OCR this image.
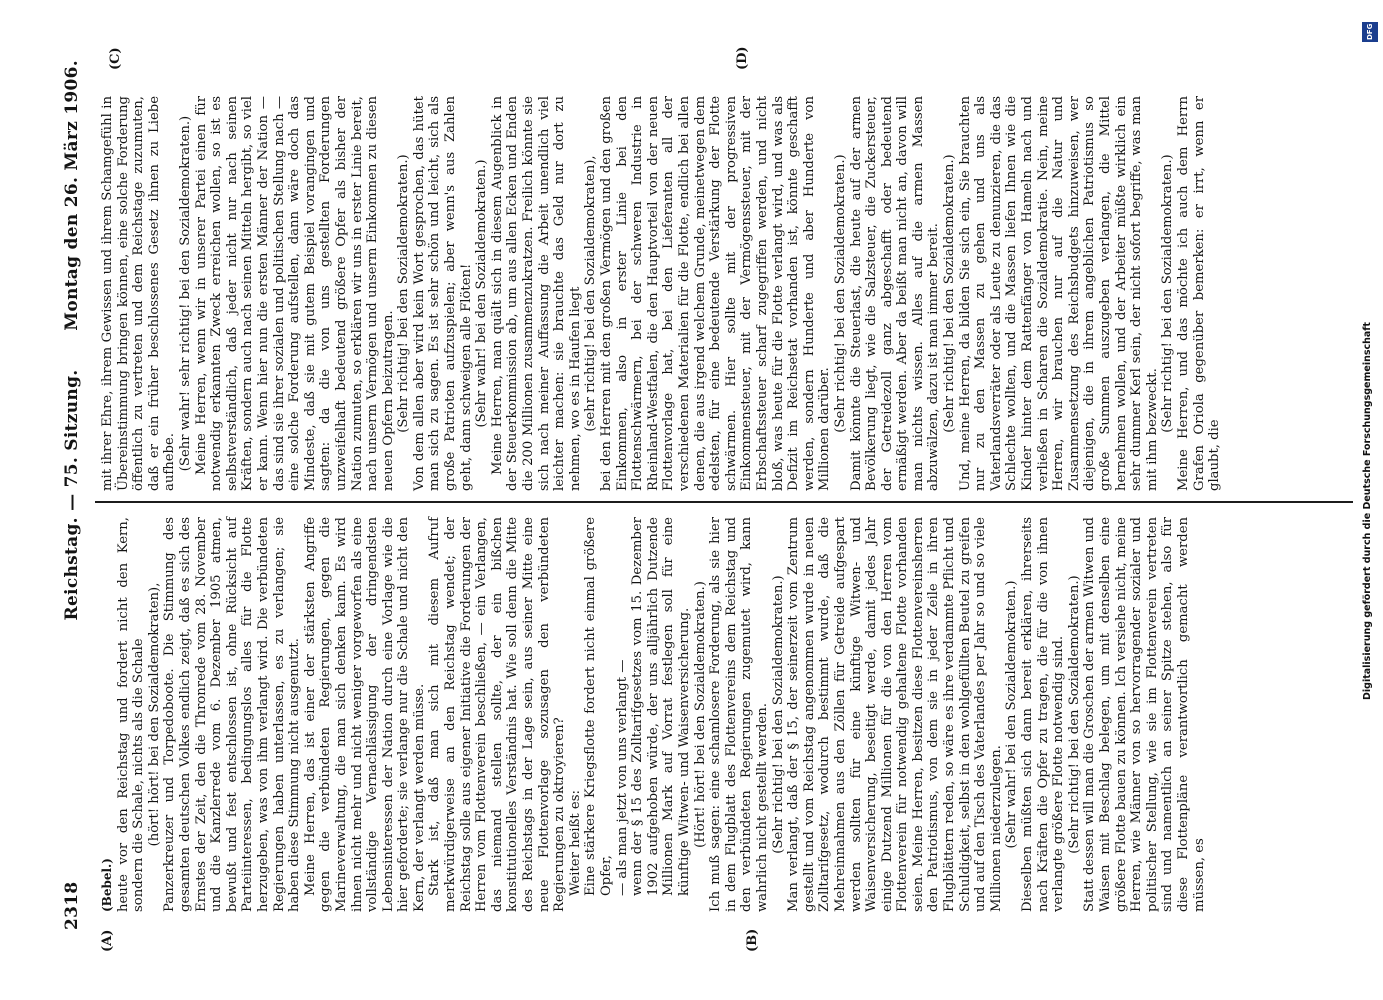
2318
Reichstag. — 75. Sitzung.
Montag den 26. März 1906.
(A)	(B)
(C)	(D)

(Bebel.) heute vor den Reichstag und fordert nicht den Kern, sondern die Schale, nichts als die Schale (hört! hört! bei den Sozialdemokraten), Panzerkreuzer und Torpedoboote. Die Stimmung des gesamten deutschen Volkes endlich zeigt, daß es sich des Ernstes der Zeit, den die Thronrede vom 28. November und die Kanzlerrede vom 6. Dezember 1905 atmen, bewußt und fest entschlossen ist, ohne Rücksicht auf Parteiinteressen, bedingungslos alles für die Flotte herzugeben, was von ihm verlangt wird. Die verbündeten Regierungen haben unterlassen, es zu verlangen; sie haben diese Stimmung nicht ausgenutzt. Meine Herren, das ist einer der stärksten Angriffe gegen die verbündeten Regierungen, gegen die Marineverwaltung, die man sich denken kann. Es wird ihnen nicht mehr und nicht weniger vorgeworfen als eine vollständige Vernachlässigung der dringendsten Lebensinteressen der Nation durch eine Vorlage wie die hier geforderte; sie verlange nur die Schale und nicht den Kern, der verlangt werden müsse. Stark ist, daß man sich mit diesem Aufruf merkwürdigerweise an den Reichstag wendet; der Reichstag solle aus eigener Initiative die Forderungen der Herren vom Flottenverein beschließen, — ein Verlangen, das niemand stellen sollte, der ein bißchen konstitutionelles Verständnis hat. Wie soll denn die Mitte des Reichstags in der Lage sein, aus seiner Mitte eine neue Flottenvorlage sozusagen den verbündeten Regierungen zu oktroyieren? Weiter heißt es: Eine stärkere Kriegsflotte fordert nicht einmal größere Opfer, — als man jetzt von uns verlangt — wenn der § 15 des Zolltarifgesetzes vom 15. Dezember 1902 aufgehoben würde, der uns alljährlich Dutzende Millionen Mark auf Vorrat festlegen soll für eine künftige Witwen- und Waisenversicherung. (Hört! hört! bei den Sozialdemokraten.) Ich muß sagen: eine schamlosere Forderung, als sie hier in dem Flugblatt des Flottenvereins dem Reichstag und den verbündeten Regierungen zugemutet wird, kann wahrlich nicht gestellt werden. (Sehr richtig! bei den Sozialdemokraten.) Man verlangt, daß der § 15, der seinerzeit vom Zentrum gestellt und vom Reichstag angenommen wurde in neuen Zolltarifgesetz, wodurch bestimmt wurde, daß die Mehreinnahmen aus den Zöllen für Getreide aufgespart werden sollten für eine künftige Witwen- und Waisenversicherung, beseitigt werde, damit jedes Jahr einige Dutzend Millionen für die von den Herren vom Flottenverein für notwendig gehaltene Flotte vorhanden seien. Meine Herren, besitzen diese Flottenvereinsherren den Patriotismus, von dem sie in jeder Zeile in ihren Flugblättern reden, so wäre es ihre verdammte Pflicht und Schuldigkeit, selbst in den wohlgefüllten Beutel zu greifen und auf den Tisch des Vaterlandes per Jahr so und so viele Millionen niederzulegen. (Sehr wahr! bei den Sozialdemokraten.) Dieselben müßten sich dann bereit erklären, ihrerseits nach Kräften die Opfer zu tragen, die für die von ihnen verlangte größere Flotte notwendig sind. (Sehr richtig! bei den Sozialdemokraten.) Statt dessen will man die Groschen der armen Witwen und Waisen mit Beschlag belegen, um mit denselben eine größere Flotte bauen zu können. Ich versiehe nicht, meine Herren, wie Männer von so hervorragender sozialer und politischer Stellung, wie sie im Flottenverein vertreten sind und namentlich an seiner Spitze stehen, also für diese Flottenpläne verantwortlich gemacht werden müssen, es

mit ihrer Ehre, ihrem Gewissen und ihrem Schamgefühl in Übereinstimmung bringen können, eine solche Forderung öffentlich zu vertreten und dem Reichstage zuzumuten, daß er ein früher beschlossenes Gesetz ihnen zu Liebe aufhebe. (Sehr wahr! sehr richtig! bei den Sozialdemokraten.) Meine Herren, wenn wir in unserer Partei einen für notwendig erkannten Zweck erreichen wollen, so ist es selbstverständlich, daß jeder nicht nur nach seinen Kräften, sondern auch nach seinen Mitteln hergibt, so viel er kann. Wenn hier nun die ersten Männer der Nation — das sind sie ihrer sozialen und politischen Stellung nach — eine solche Forderung aufstellen, dann wäre doch das Mindeste, daß sie mit gutem Beispiel vorangingen und sagten: da die von uns gestellten Forderungen unzweifelhaft bedeutend größere Opfer als bisher der Nation zumuten, so erklären wir uns in erster Linie bereit, nach unserm Vermögen und unserm Einkommen zu diesen neuen Opfern beizutragen. (Sehr richtig! bei den Sozialdemokraten.) Von dem allen aber wird kein Wort gesprochen, das hütet man sich zu sagen. Es ist sehr schön und leicht, sich als große Patrioten aufzuspielen; aber wenn's aus Zahlen geht, dann schweigen alle Flöten! (Sehr wahr! bei den Sozialdemokraten.) Meine Herren, man quält sich in diesem Augenblick in der Steuerkommission ab, um aus allen Ecken und Enden die 200 Millionen zusammenzukratzen. Freilich könnte sie sich nach meiner Auffassung die Arbeit unendlich viel leichter machen: sie brauchte das Geld nur dort zu nehmen, wo es in Haufen liegt (sehr richtig! bei den Sozialdemokraten), bei den Herren mit den großen Vermögen und den großen Einkommen, also in erster Linie bei den Flottenschwärmern, bei der schweren Industrie in Rheinland-Westfalen, die den Hauptvorteil von der neuen Flottenvorlage hat, bei den Lieferanten all der verschiedenen Materialien für die Flotte, endlich bei allen denen, die aus irgend welchem Grunde, meinetwegen dem edelsten, für eine bedeutende Verstärkung der Flotte schwärmen. Hier sollte mit der progressiven Einkommensteuer, mit der Vermögenssteuer, mit der Erbschaftssteuer scharf zugegriffen werden, und nicht bloß, was heute für die Flotte verlangt wird, und was als Defizit im Reichsetat vorhanden ist, könnte geschafft werden, sondern Hunderte und aber Hunderte von Millionen darüber. (Sehr richtig! bei den Sozialdemokraten.) Damit könnte die Steuerlast, die heute auf der armen Bevölkerung liegt, wie die Salzsteuer, die Zuckersteuer, der Getreidezoll ganz abgeschafft oder bedeutend ermäßigt werden. Aber da beißt man nicht an, davon will man nichts wissen. Alles auf die armen Massen abzuwälzen, dazu ist man immer bereit. (Sehr richtig! bei den Sozialdemokraten.) Und, meine Herren, da bilden Sie sich ein, Sie brauchten nur zu den Massen zu gehen und uns als Vaterlandsverräter oder als Leute zu denunzieren, die das Schlechte wollten, und die Massen liefen Ihnen wie die Kinder hinter dem Rattenfänger von Hameln nach und verließen in Scharen die Sozialdemokratie. Nein, meine Herren, wir brauchen nur auf die Natur und Zusammensetzung des Reichsbudgets hinzuweisen, wer diejenigen, die in ihrem angeblichen Patriotismus so große Summen auszugeben verlangen, die Mittel hernehmen wollen, und der Arbeiter müßte wirklich ein sehr dummer Kerl sein, der nicht sofort begriffe, was man mit ihm bezweckt. (Sehr richtig! bei den Sozialdemokraten.) Meine Herren, und das möchte ich auch dem Herrn Grafen Oriola gegenüber bemerken: er irrt, wenn er glaubt, die

DFG
Digitalisierung gefördert durch die Deutsche Forschungsgemeinschaft
